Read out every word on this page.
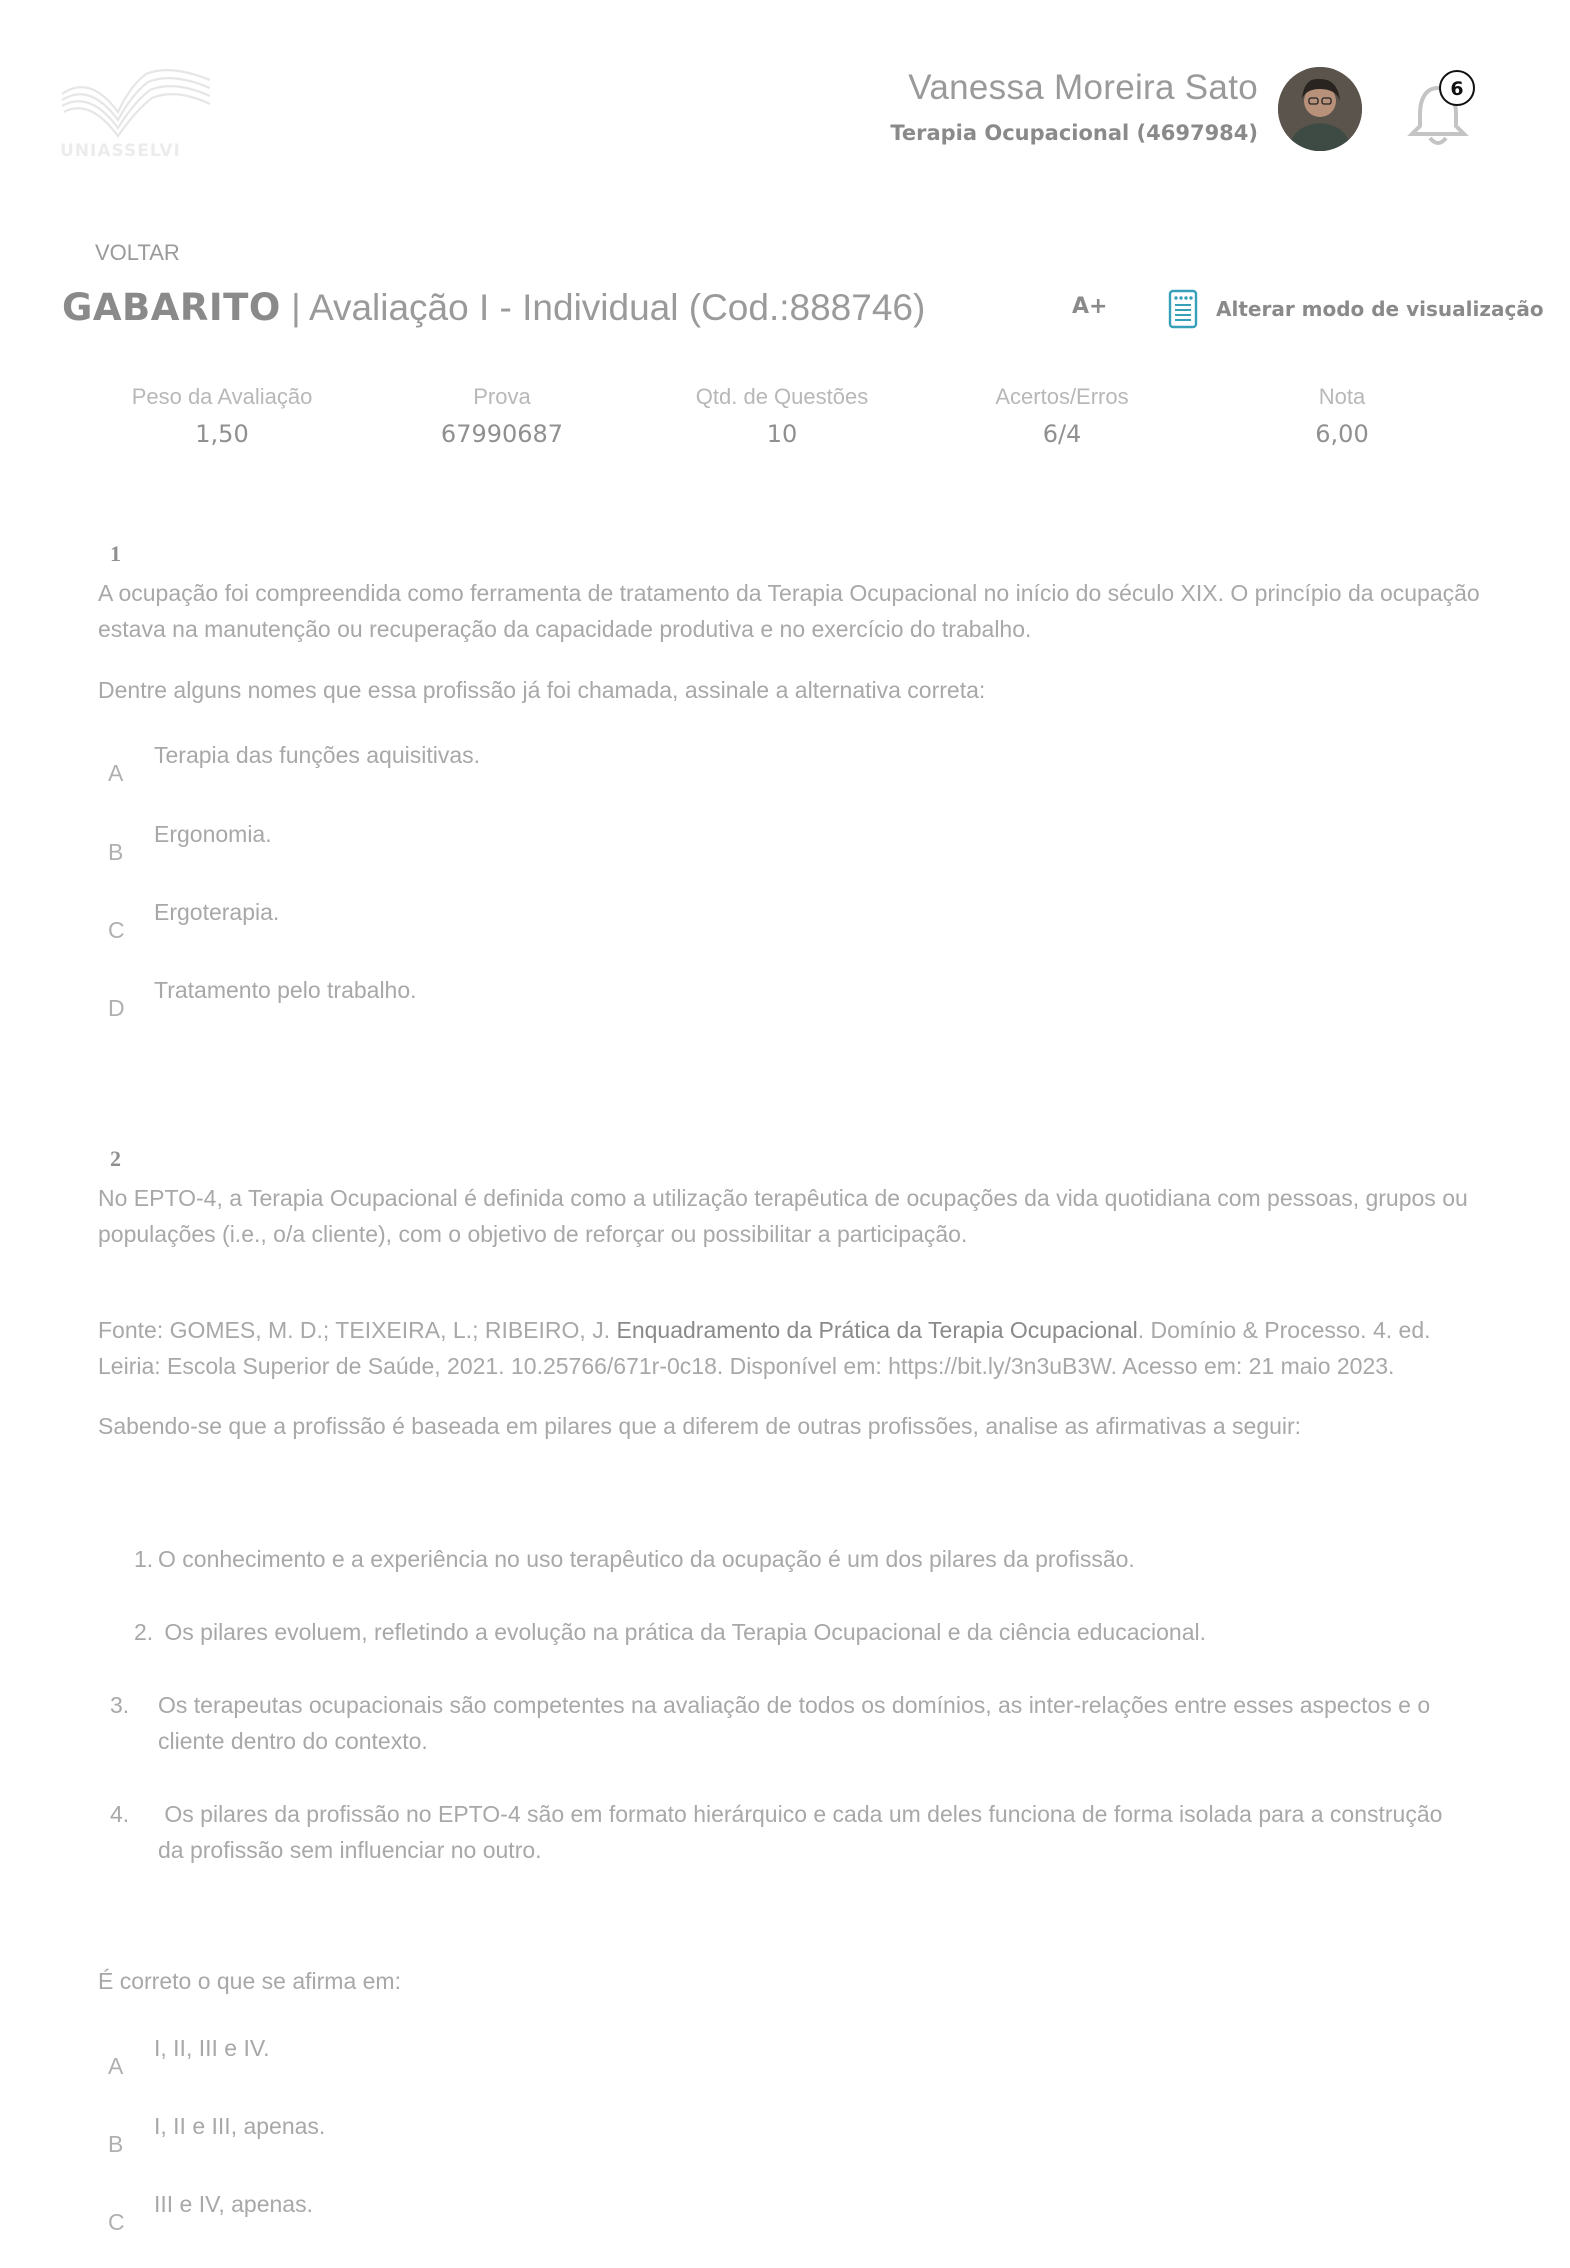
UNIASSELVI
Vanessa Moreira Sato
Terapia Ocupacional (4697984)
6
VOLTAR
GABARITO | Avaliação I - Individual (Cod.:888746)	A+	Alterar modo de visualização
Peso da Avaliação
1,50
Prova
67990687
Qtd. de Questões
10
Acertos/Erros
6/4
Nota
6,00
1
A ocupação foi compreendida como ferramenta de tratamento da Terapia Ocupacional no início do século XIX. O princípio da ocupação estava na manutenção ou recuperação da capacidade produtiva e no exercício do trabalho.
Dentre alguns nomes que essa profissão já foi chamada, assinale a alternativa correta:
A
Terapia das funções aquisitivas.
B
Ergonomia.
C
Ergoterapia.
D
Tratamento pelo trabalho.
2
No EPTO-4, a Terapia Ocupacional é definida como a utilização terapêutica de ocupações da vida quotidiana com pessoas, grupos ou populações (i.e., o/a cliente), com o objetivo de reforçar ou possibilitar a participação.
Fonte: GOMES, M. D.; TEIXEIRA, L.; RIBEIRO, J. Enquadramento da Prática da Terapia Ocupacional. Domínio & Processo. 4. ed. Leiria: Escola Superior de Saúde, 2021. 10.25766/671r-0c18. Disponível em: https://bit.ly/3n3uB3W. Acesso em: 21 maio 2023.
Sabendo-se que a profissão é baseada em pilares que a diferem de outras profissões, analise as afirmativas a seguir:
1. O conhecimento e a experiência no uso terapêutico da ocupação é um dos pilares da profissão.
2. Os pilares evoluem, refletindo a evolução na prática da Terapia Ocupacional e da ciência educacional.
3. Os terapeutas ocupacionais são competentes na avaliação de todos os domínios, as inter-relações entre esses aspectos e o cliente dentro do contexto.
4. Os pilares da profissão no EPTO-4 são em formato hierárquico e cada um deles funciona de forma isolada para a construção da profissão sem influenciar no outro.
É correto o que se afirma em:
A
I, II, III e IV.
B
I, II e III, apenas.
C
III e IV, apenas.
